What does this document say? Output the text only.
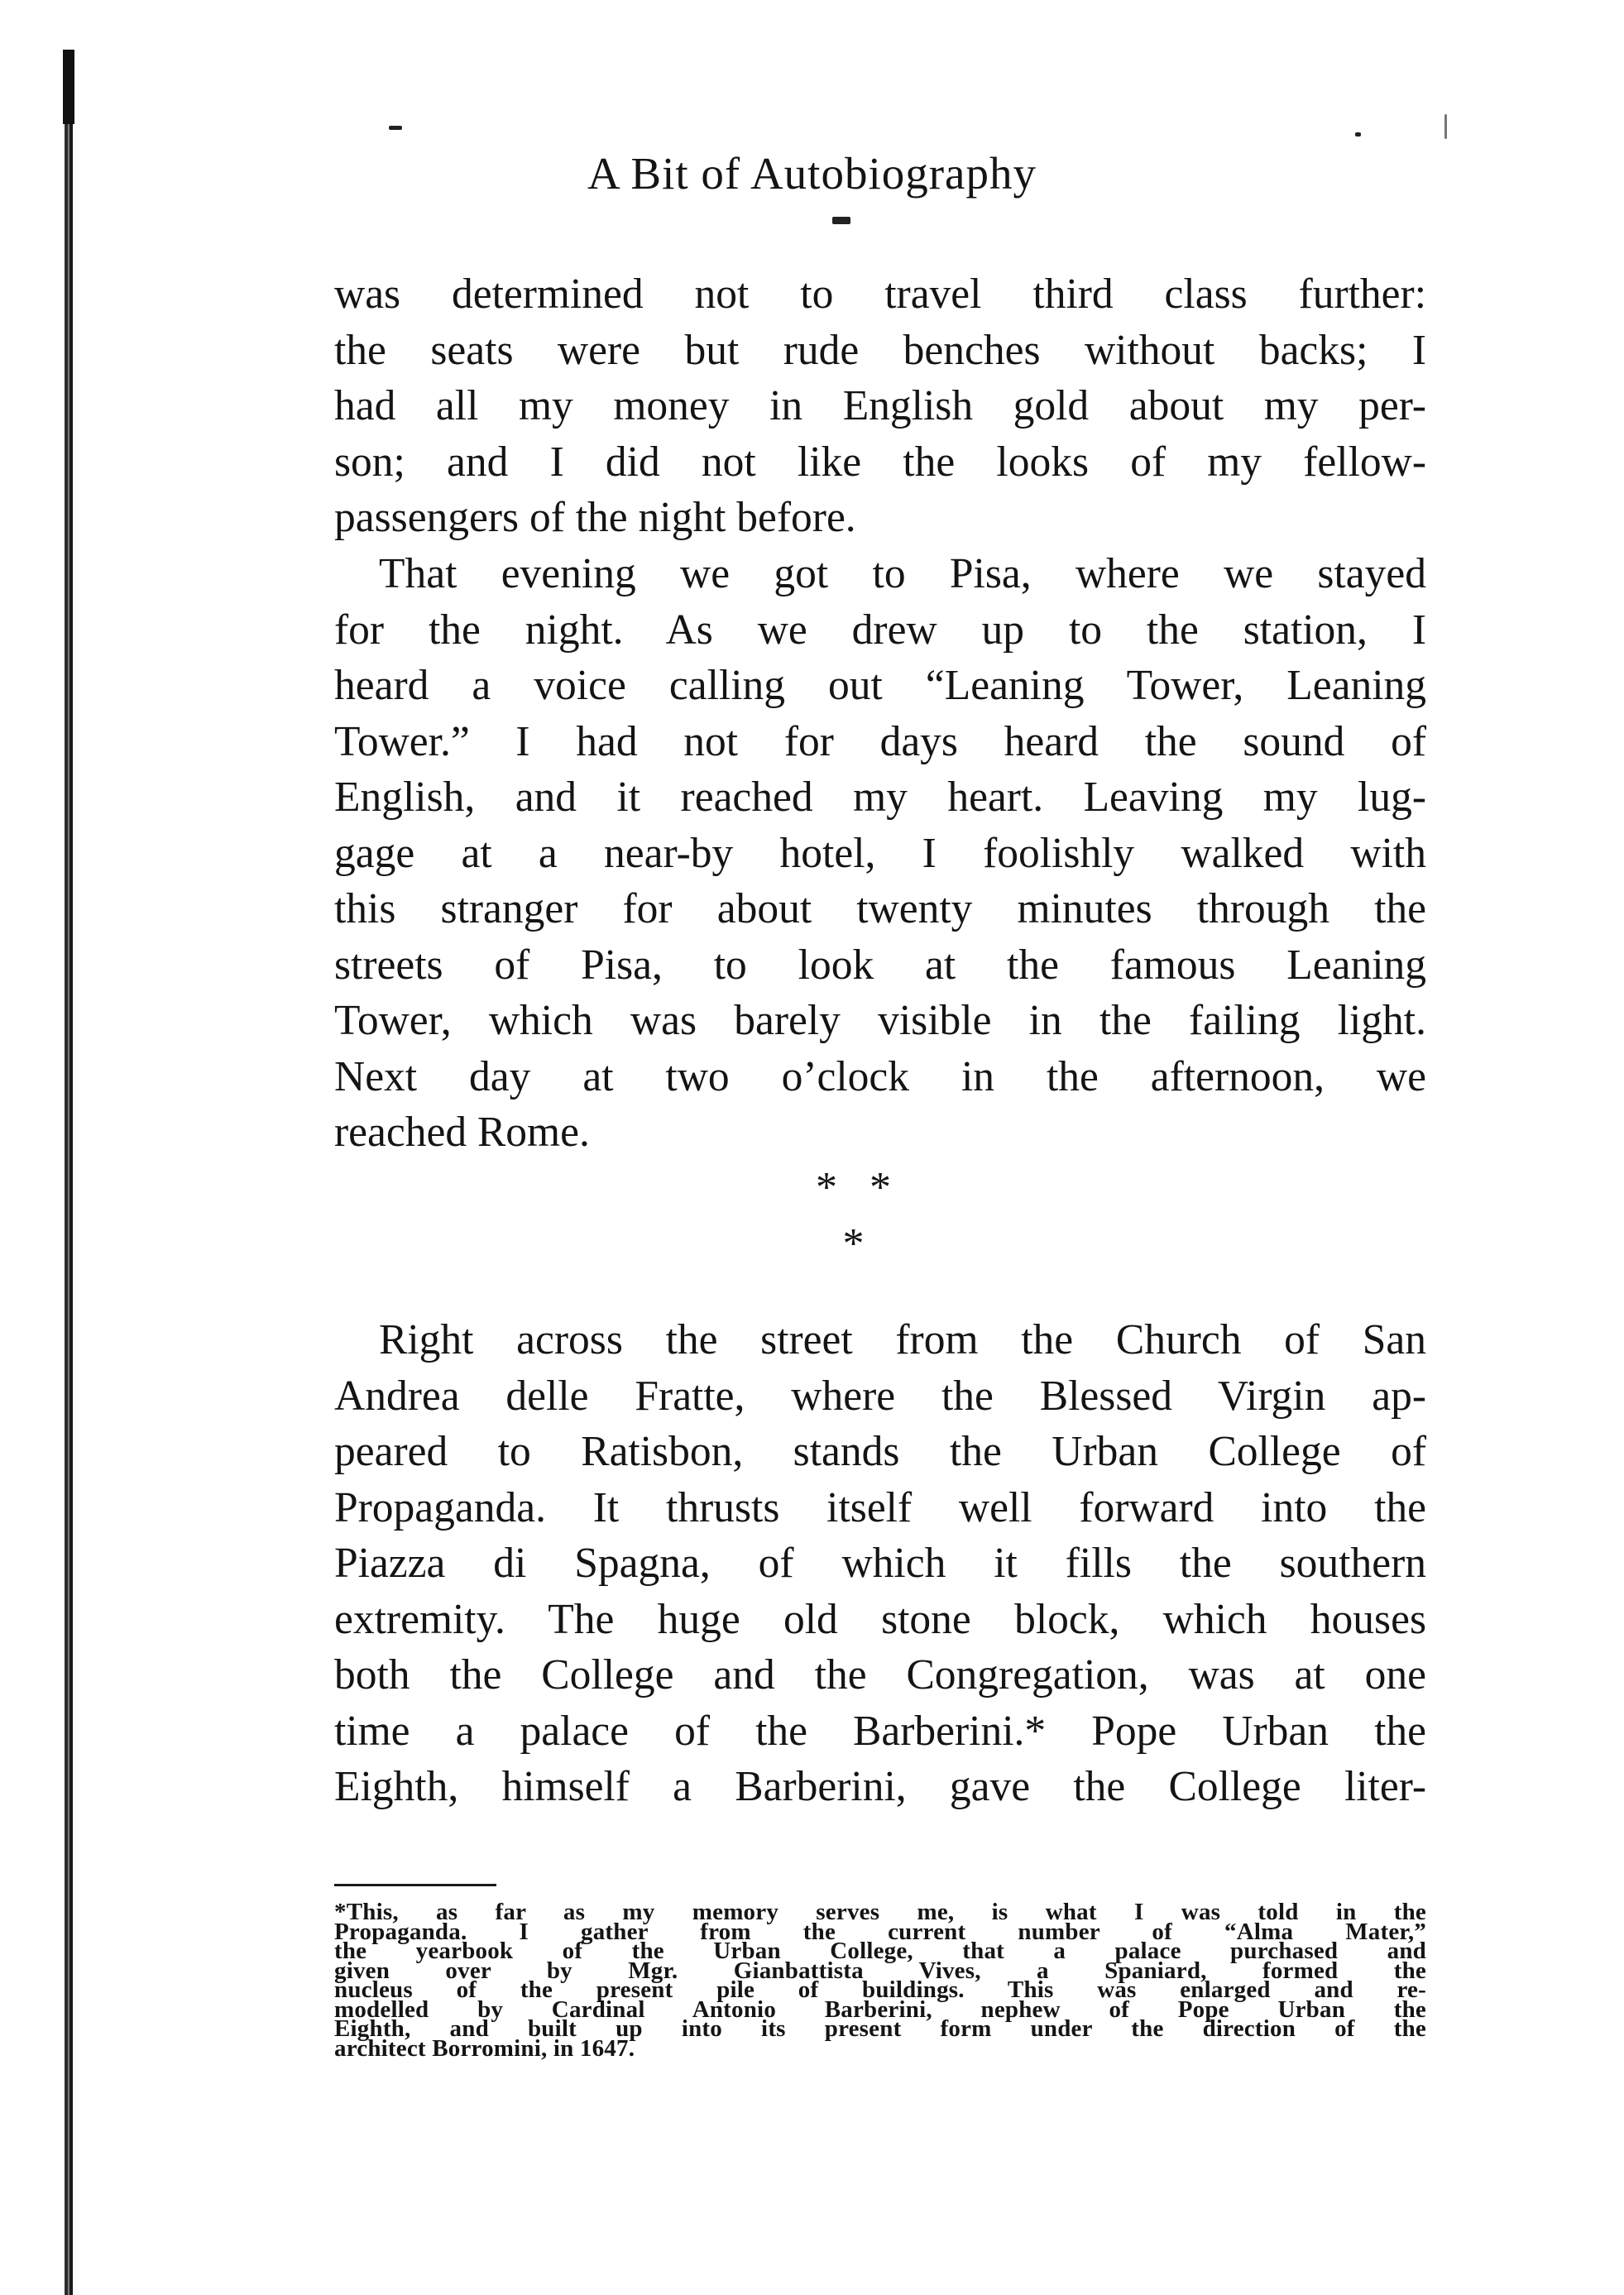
A Bit of Autobiography
was determined not to travel third class further:
the seats were but rude benches without backs; I
had all my money in English gold about my per-
son; and I did not like the looks of my fellow-
passengers of the night before.
That evening we got to Pisa, where we stayed
for the night. As we drew up to the station, I
heard a voice calling out “Leaning Tower, Leaning
Tower.” I had not for days heard the sound of
English, and it reached my heart. Leaving my lug-
gage at a near-by hotel, I foolishly walked with
this stranger for about twenty minutes through the
streets of Pisa, to look at the famous Leaning
Tower, which was barely visible in the failing light.
Next day at two o’clock in the afternoon, we
reached Rome.
*   *
*
Right across the street from the Church of San
Andrea delle Fratte, where the Blessed Virgin ap-
peared to Ratisbon, stands the Urban College of
Propaganda. It thrusts itself well forward into the
Piazza di Spagna, of which it fills the southern
extremity. The huge old stone block, which houses
both the College and the Congregation, was at one
time a palace of the Barberini.* Pope Urban the
Eighth, himself a Barberini, gave the College liter-
*This, as far as my memory serves me, is what I was told in the
Propaganda. I gather from the current number of “Alma Mater,”
the yearbook of the Urban College, that a palace purchased and
given over by Mgr. Gianbattista Vives, a Spaniard, formed the
nucleus of the present pile of buildings. This was enlarged and re-
modelled by Cardinal Antonio Barberini, nephew of Pope Urban the
Eighth, and built up into its present form under the direction of the
architect Borromini, in 1647.
